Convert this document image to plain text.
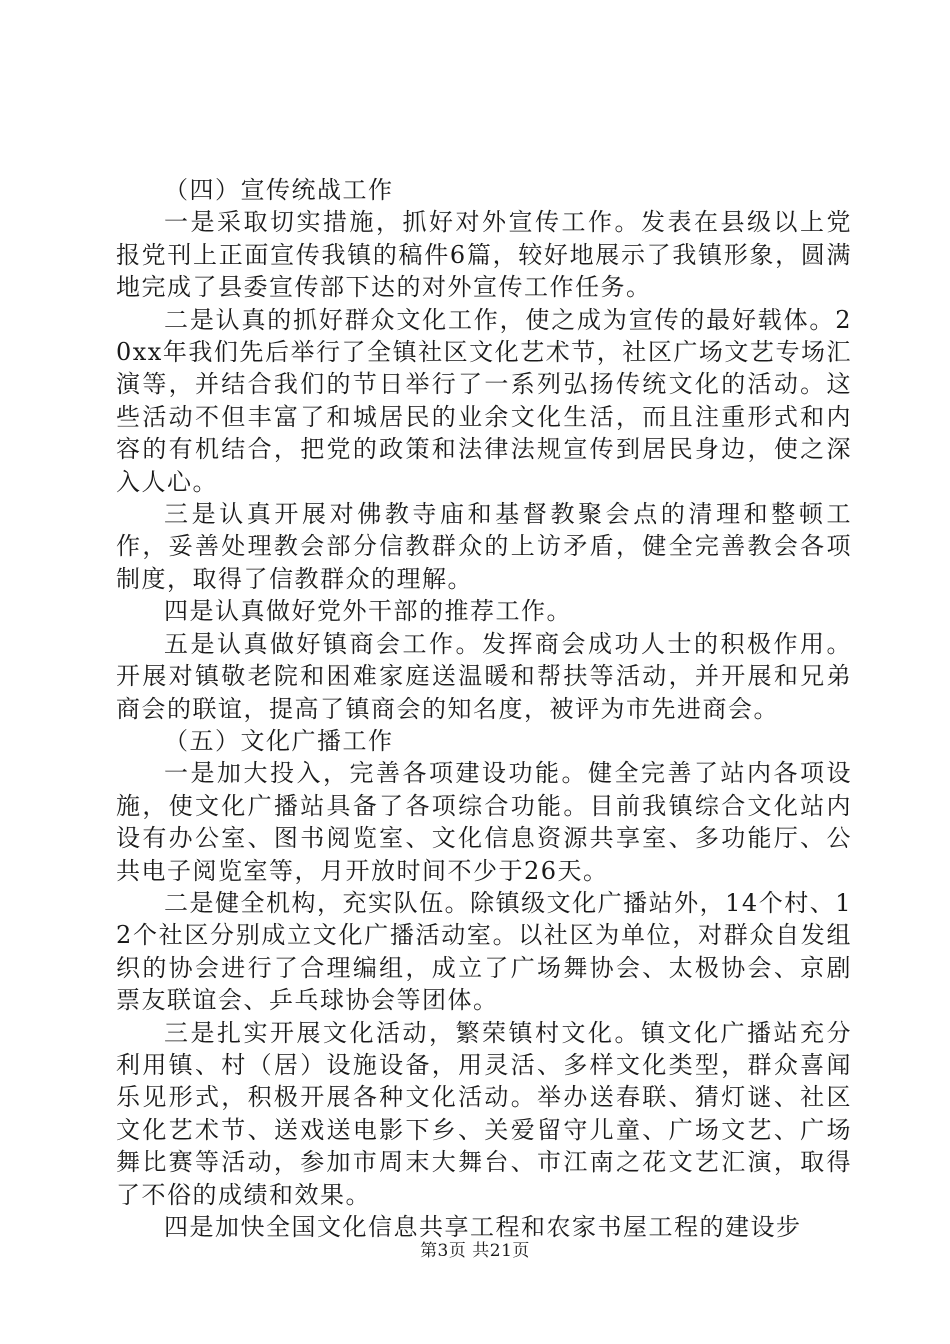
（四）宣传统战工作

一是采取切实措施，抓好对外宣传工作。发表在县级以上党报党刊上正面宣传我镇的稿件6篇，较好地展示了我镇形象，圆满地完成了县委宣传部下达的对外宣传工作任务。

二是认真的抓好群众文化工作，使之成为宣传的最好载体。20xx年我们先后举行了全镇社区文化艺术节，社区广场文艺专场汇演等，并结合我们的节日举行了一系列弘扬传统文化的活动。这些活动不但丰富了和城居民的业余文化生活，而且注重形式和内容的有机结合，把党的政策和法律法规宣传到居民身边，使之深入人心。

三是认真开展对佛教寺庙和基督教聚会点的清理和整顿工作，妥善处理教会部分信教群众的上访矛盾，健全完善教会各项制度，取得了信教群众的理解。

四是认真做好党外干部的推荐工作。

五是认真做好镇商会工作。发挥商会成功人士的积极作用。开展对镇敬老院和困难家庭送温暖和帮扶等活动，并开展和兄弟商会的联谊，提高了镇商会的知名度，被评为市先进商会。

（五）文化广播工作

一是加大投入，完善各项建设功能。健全完善了站内各项设施，使文化广播站具备了各项综合功能。目前我镇综合文化站内设有办公室、图书阅览室、文化信息资源共享室、多功能厅、公共电子阅览室等，月开放时间不少于26天。

二是健全机构，充实队伍。除镇级文化广播站外，14个村、12个社区分别成立文化广播活动室。以社区为单位，对群众自发组织的协会进行了合理编组，成立了广场舞协会、太极协会、京剧票友联谊会、乒乓球协会等团体。

三是扎实开展文化活动，繁荣镇村文化。镇文化广播站充分利用镇、村（居）设施设备，用灵活、多样文化类型，群众喜闻乐见形式，积极开展各种文化活动。举办送春联、猜灯谜、社区文化艺术节、送戏送电影下乡、关爱留守儿童、广场文艺、广场舞比赛等活动，参加市周末大舞台、市江南之花文艺汇演，取得了不俗的成绩和效果。

四是加快全国文化信息共享工程和农家书屋工程的建设步

第3页 共21页
